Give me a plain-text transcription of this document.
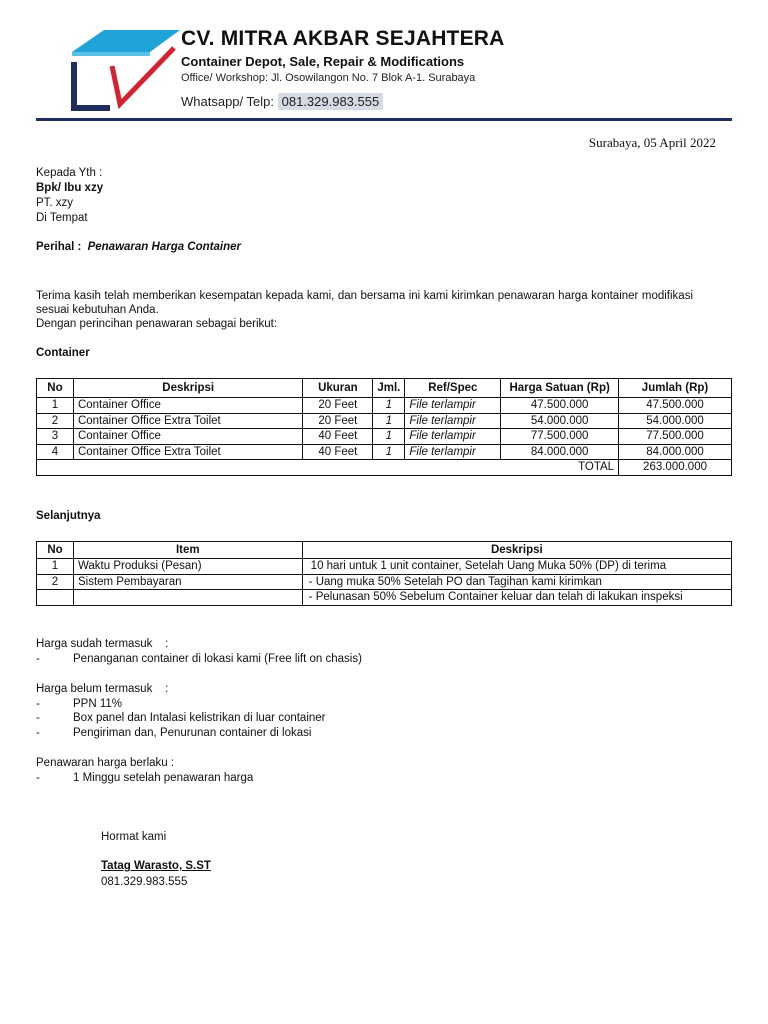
CV. MITRA AKBAR SEJAHTERA
Container Depot, Sale, Repair & Modifications
Office/ Workshop: Jl. Osowilangon No. 7 Blok A-1. Surabaya
Whatsapp/ Telp: 081.329.983.555
Surabaya, 05 April 2022
Kepada Yth :
Bpk/ Ibu xzy
PT. xzy
Di Tempat
Perihal : Penawaran Harga Container
Terima kasih telah memberikan kesempatan kepada kami, dan bersama ini kami kirimkan penawaran harga kontainer modifikasi sesuai kebutuhan Anda.
Dengan perincihan penawaran sebagai berikut:
Container
No	Deskripsi	Ukuran	Jml.	Ref/Spec	Harga Satuan (Rp)	Jumlah (Rp)
1	Container Office	20 Feet	1	File terlampir	47.500.000	47.500.000
2	Container Office Extra Toilet	20 Feet	1	File terlampir	54.000.000	54.000.000
3	Container Office	40 Feet	1	File terlampir	77.500.000	77.500.000
4	Container Office Extra Toilet	40 Feet	1	File terlampir	84.000.000	84.000.000
TOTAL						263.000.000
Selanjutnya
No	Item	Deskripsi
1	Waktu Produksi (Pesan)	10 hari untuk 1 unit container, Setelah Uang Muka 50% (DP) di terima
2	Sistem Pembayaran	- Uang muka 50% Setelah PO dan Tagihan kami kirimkan
		- Pelunasan 50% Sebelum Container keluar dan telah di lakukan inspeksi
Harga sudah termasuk    :
-	Penanganan container di lokasi kami (Free lift on chasis)
Harga belum termasuk    :
-	PPN 11%
-	Box panel dan Intalasi kelistrikan di luar container
-	Pengiriman dan, Penurunan container di lokasi
Penawaran harga berlaku :
-	1 Minggu setelah penawaran harga
Hormat kami
Tatag Warasto, S.ST
081.329.983.555
